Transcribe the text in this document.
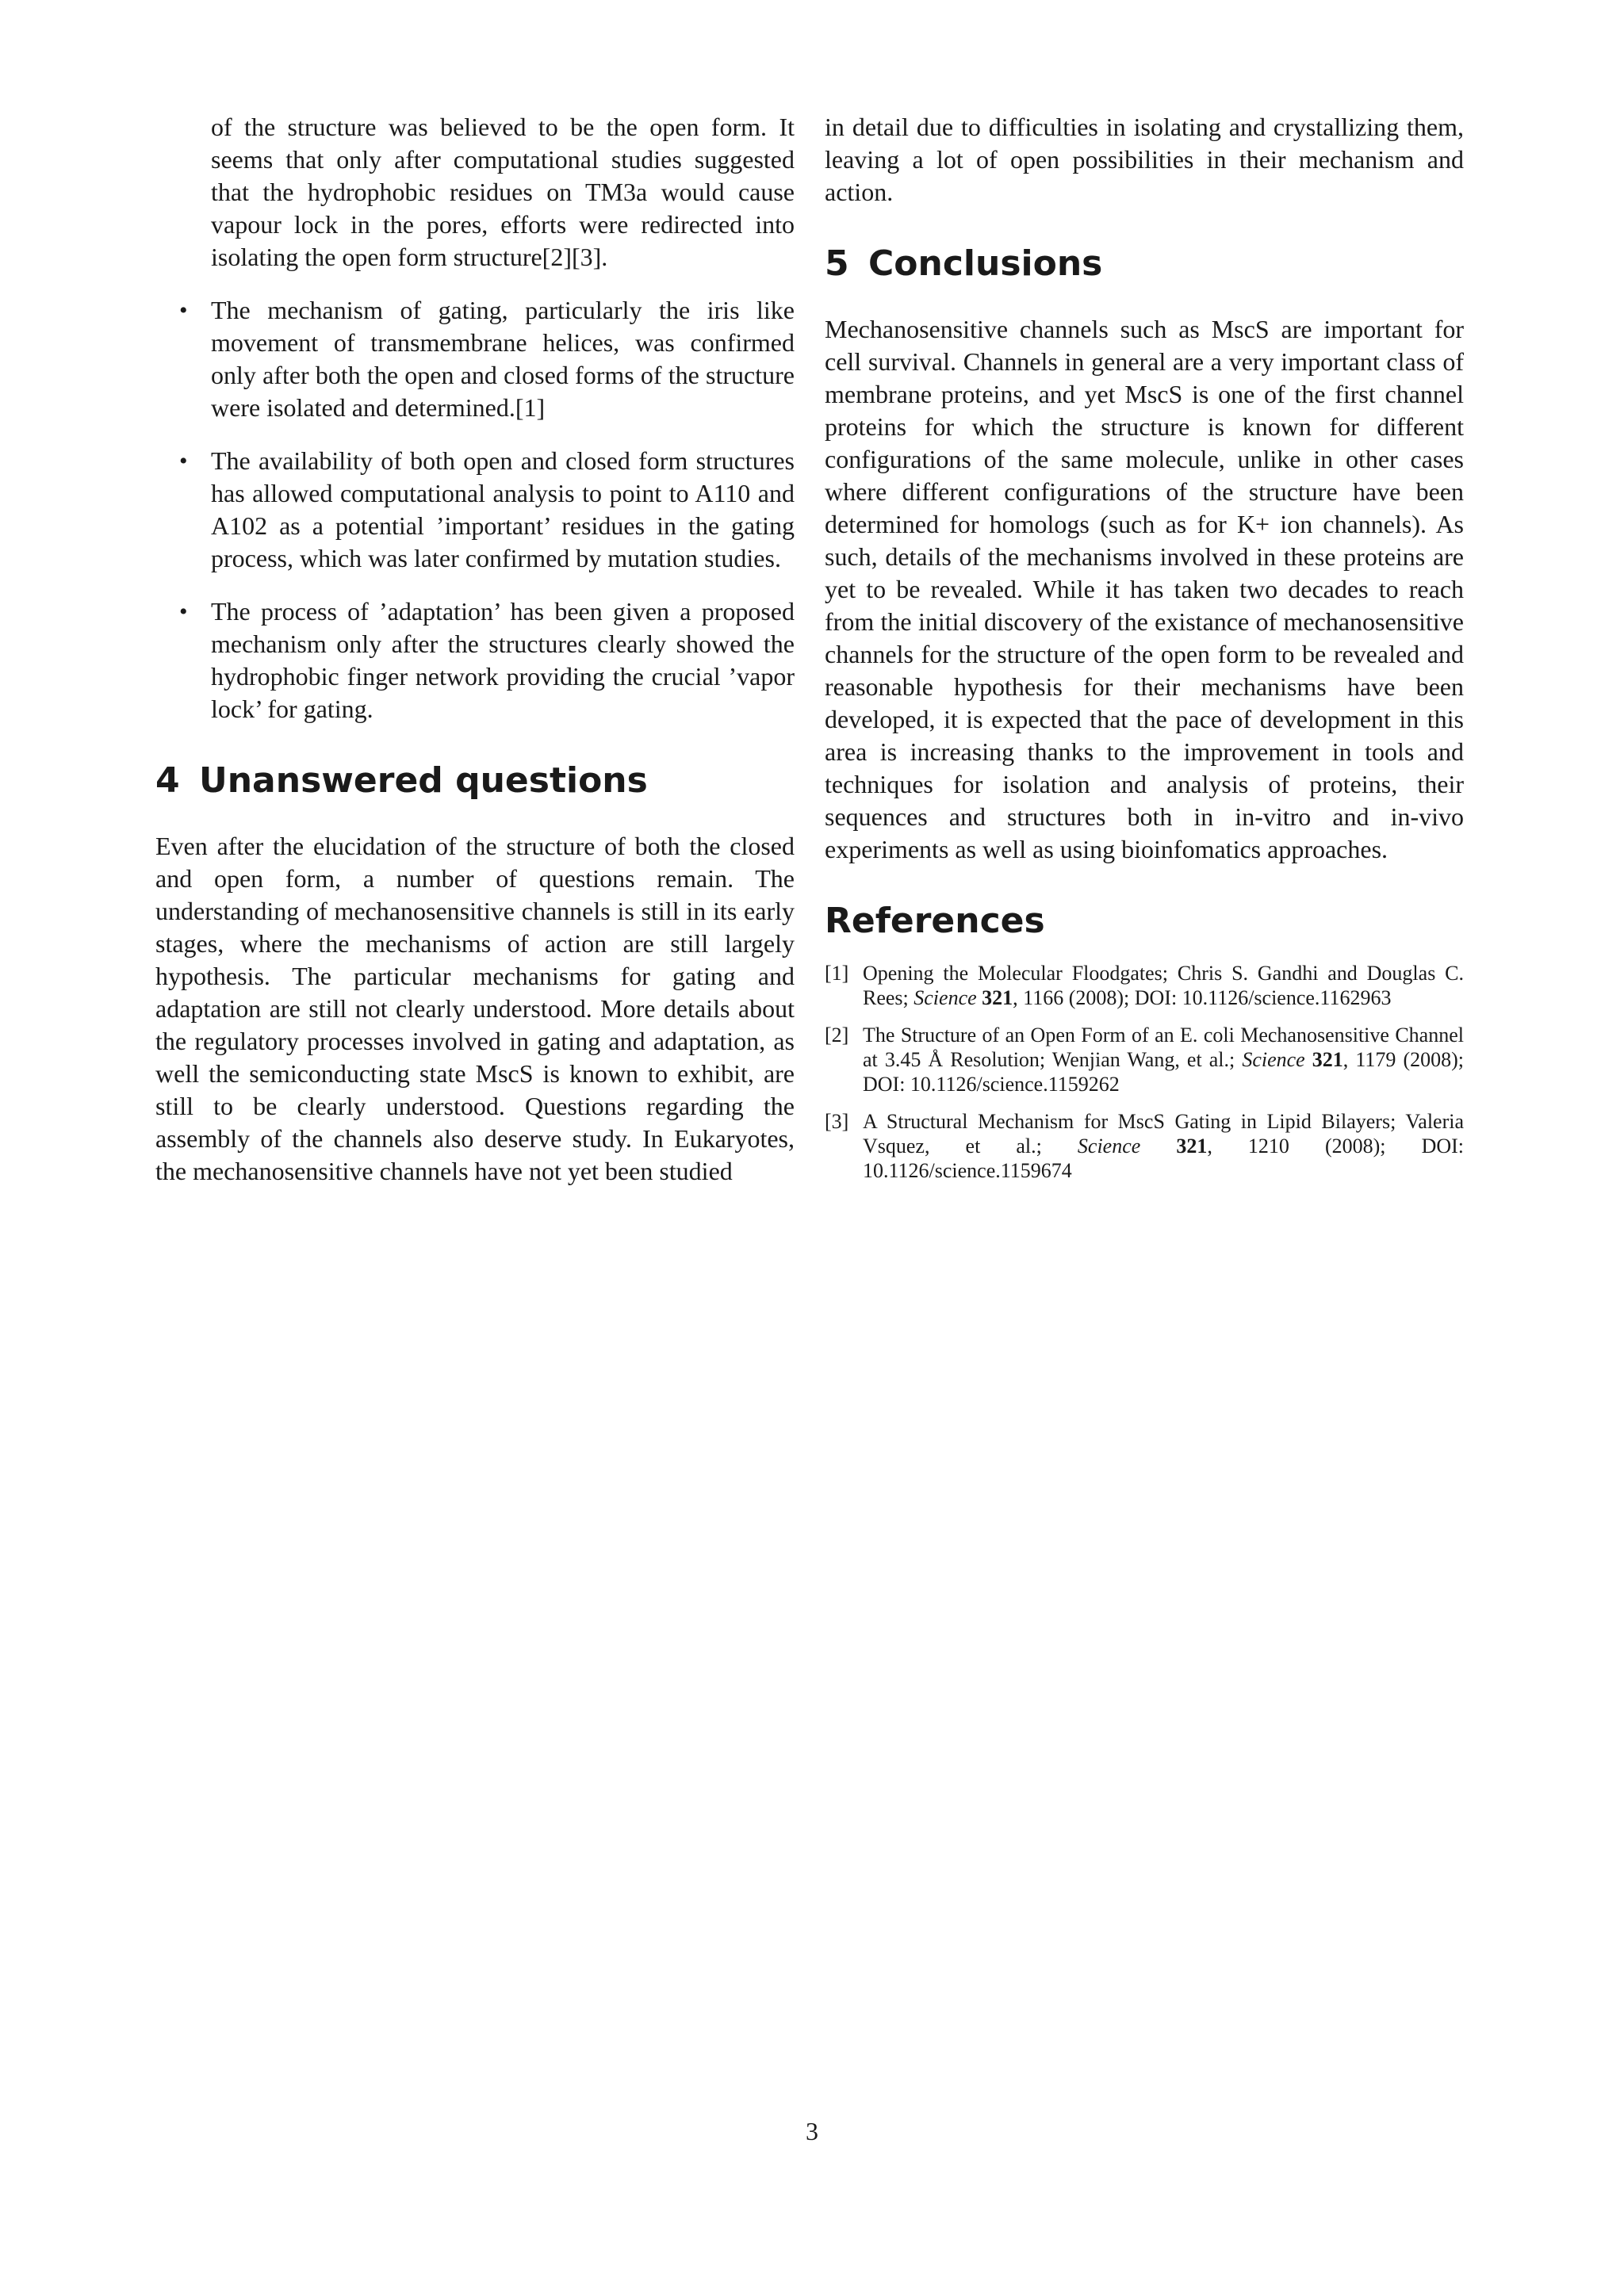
of the structure was believed to be the open form. It seems that only after computational studies suggested that the hydrophobic residues on TM3a would cause vapour lock in the pores, efforts were redirected into isolating the open form structure[2][3].
• The mechanism of gating, particularly the iris like movement of transmembrane helices, was confirmed only after both the open and closed forms of the structure were isolated and determined.[1]
• The availability of both open and closed form structures has allowed computational analysis to point to A110 and A102 as a potential ’important’ residues in the gating process, which was later confirmed by mutation studies.
• The process of ’adaptation’ has been given a proposed mechanism only after the structures clearly showed the hydrophobic finger network providing the crucial ’vapor lock’ for gating.
4 Unanswered questions

Even after the elucidation of the structure of both the closed and open form, a number of questions remain. The understanding of mechanosensitive channels is still in its early stages, where the mechanisms of action are still largely hypothesis. The particular mechanisms for gating and adaptation are still not clearly understood. More details about the regulatory processes involved in gating and adaptation, as well the semiconducting state MscS is known to exhibit, are still to be clearly understood. Questions regarding the assembly of the channels also deserve study. In Eukaryotes, the mechanosensitive channels have not yet been studied

in detail due to difficulties in isolating and crystallizing them, leaving a lot of open possibilities in their mechanism and action.

5 Conclusions

Mechanosensitive channels such as MscS are important for cell survival. Channels in general are a very important class of membrane proteins, and yet MscS is one of the first channel proteins for which the structure is known for different configurations of the same molecule, unlike in other cases where different configurations of the structure have been determined for homologs (such as for K+ ion channels). As such, details of the mechanisms involved in these proteins are yet to be revealed. While it has taken two decades to reach from the initial discovery of the existance of mechanosensitive channels for the structure of the open form to be revealed and reasonable hypothesis for their mechanisms have been developed, it is expected that the pace of development in this area is increasing thanks to the improvement in tools and techniques for isolation and analysis of proteins, their sequences and structures both in in-vitro and in-vivo experiments as well as using bioinfomatics approaches.

References
[1] Opening the Molecular Floodgates; Chris S. Gandhi and Douglas C. Rees; Science 321, 1166 (2008); DOI: 10.1126/science.1162963
[2] The Structure of an Open Form of an E. coli Mechanosensitive Channel at 3.45 Å Resolution; Wenjian Wang, et al.; Science 321, 1179 (2008); DOI: 10.1126/science.1159262
[3] A Structural Mechanism for MscS Gating in Lipid Bilayers; Valeria Vsquez, et al.; Science 321, 1210 (2008); DOI: 10.1126/science.1159674
3
